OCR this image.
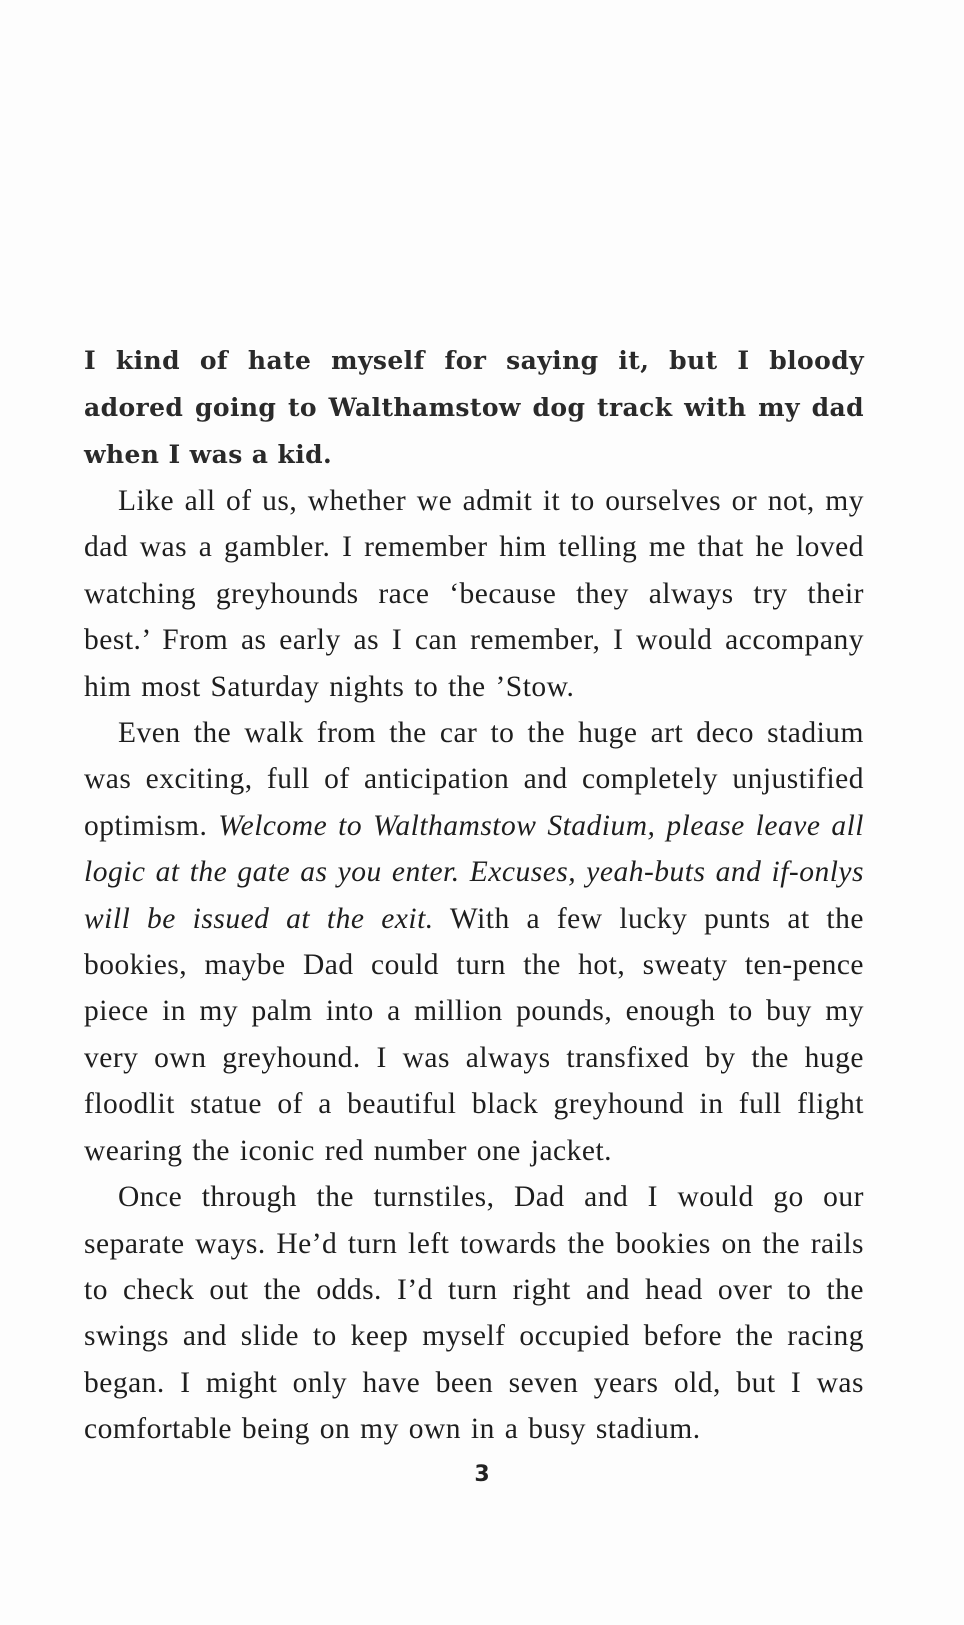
I kind of hate myself for saying it, but I bloody adored going to Walthamstow dog track with my dad when I was a kid.

Like all of us, whether we admit it to ourselves or not, my dad was a gambler. I remember him telling me that he loved watching greyhounds race ‘because they always try their best.’ From as early as I can remember, I would accompany him most Saturday nights to the ’Stow.

Even the walk from the car to the huge art deco stadium was exciting, full of anticipation and completely unjustified optimism. Welcome to Walthamstow Stadium, please leave all logic at the gate as you enter. Excuses, yeah-buts and if-onlys will be issued at the exit. With a few lucky punts at the bookies, maybe Dad could turn the hot, sweaty ten-pence piece in my palm into a million pounds, enough to buy my very own greyhound. I was always transfixed by the huge floodlit statue of a beautiful black greyhound in full flight wearing the iconic red number one jacket.

Once through the turnstiles, Dad and I would go our separate ways. He’d turn left towards the bookies on the rails to check out the odds. I’d turn right and head over to the swings and slide to keep myself occupied before the racing began. I might only have been seven years old, but I was comfortable being on my own in a busy stadium.

3
